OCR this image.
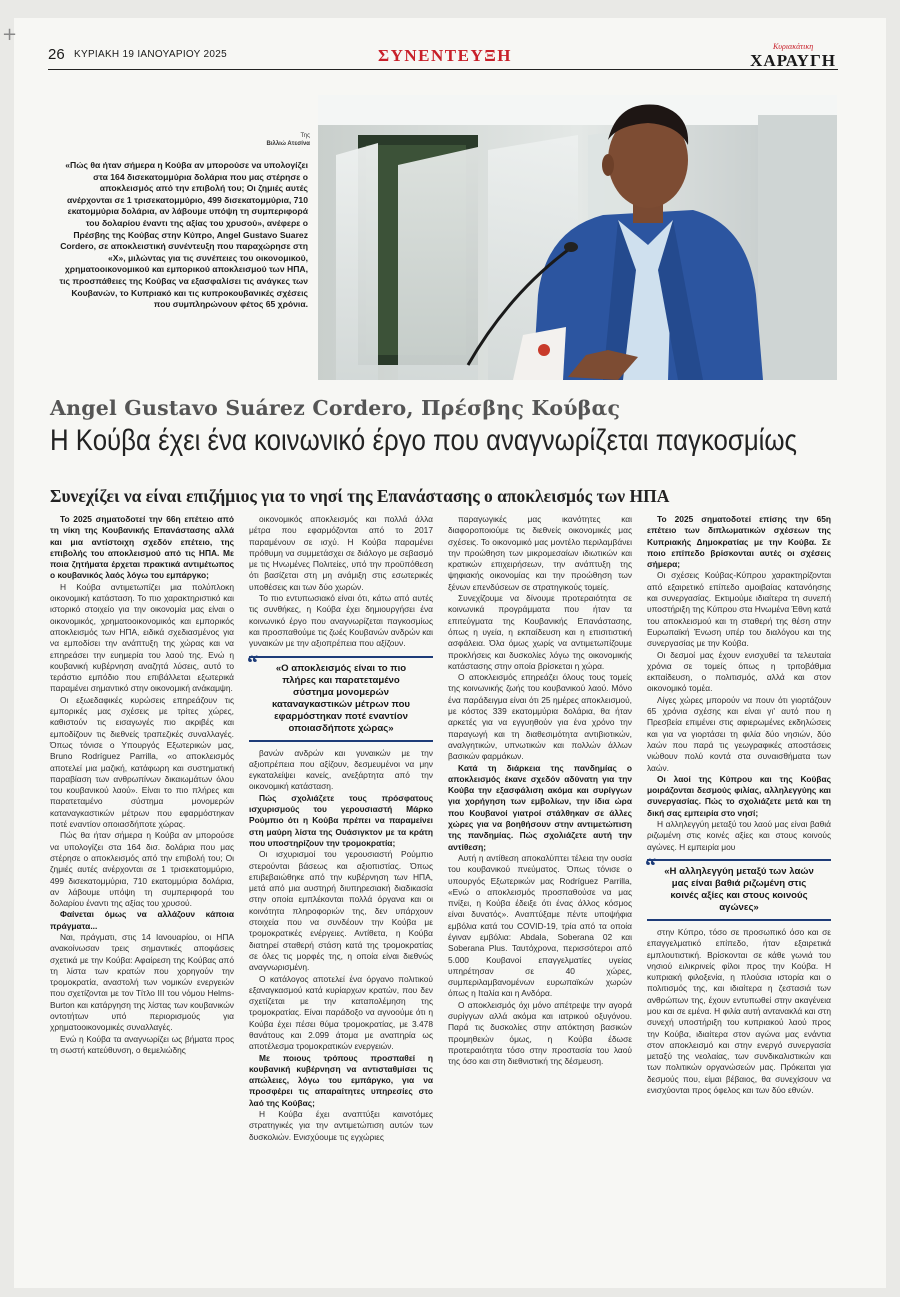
+
26 ΚΥΡΙΑΚΗ 19 ΙΑΝΟΥΑΡΙΟΥ 2025	ΣΥΝΕΝΤΕΥΞΗ	Κυριακάτικη
ΧΑΡΑΥΓΗ
Της
Βιλλιώ Ατεσίνα
«Πώς θα ήταν σήμερα η Κούβα αν μπορούσε να υπολογίζει στα 164 δισεκατομμύρια δολάρια που μας στέρησε ο αποκλεισμός από την επιβολή του; Οι ζημιές αυτές ανέρχονται σε 1 τρισεκατομμύριο, 499 δισεκατομμύρια, 710 εκατομμύρια δολάρια, αν λάβουμε υπόψη τη συμπεριφορά του δολαρίου έναντι της αξίας του χρυσού», ανέφερε ο Πρέσβης της Κούβας στην Κύπρο, Angel Gustavo Suarez Cordero, σε αποκλειστική συνέντευξη που παραχώρησε στη «Χ», μιλώντας για τις συνέπειες του οικονομικού, χρηματοοικονομικού και εμπορικού αποκλεισμού των ΗΠΑ, τις προσπάθειες της Κούβας να εξασφαλίσει τις ανάγκες των Κουβανών, το Κυπριακό και τις κυπροκουβανικές σχέσεις που συμπληρώνουν φέτος 65 χρόνια.
Angel Gustavo Suárez Cordero, Πρέσβης Κούβας
Η Κούβα έχει ένα κοινωνικό έργο που αναγνωρίζεται παγκοσμίως
Συνεχίζει να είναι επιζήμιος για το νησί της Επανάστασης ο αποκλεισμός των ΗΠΑ

Το 2025 σηματοδοτεί την 66η επέτειο από τη νίκη της Κουβανικής Επανάστασης αλλά και μια αντίστοιχη σχεδόν επέτειο, της επιβολής του αποκλεισμού από τις ΗΠΑ. Με ποια ζητήματα έρχεται πρακτικά αντιμέτωπος ο κουβανικός λαός λόγω του εμπάργκο;

Η Κούβα αντιμετωπίζει μια πολύπλοκη οικονομική κατάσταση. Το πιο χαρακτηριστικό και ιστορικό στοιχείο για την οικονομία μας είναι ο οικονομικός, χρηματοοικονομικός και εμπορικός αποκλεισμός των ΗΠΑ, ειδικά σχεδιασμένος για να εμποδίσει την ανάπτυξη της χώρας και να επηρεάσει την ευημερία του λαού της. Ενώ η κουβανική κυβέρνηση αναζητά λύσεις, αυτό το τεράστιο εμπόδιο που επιβάλλεται εξωτερικά παραμένει σημαντικό στην οικονομική ανάκαμψη.

Οι εξωεδαφικές κυρώσεις επηρεάζουν τις εμπορικές μας σχέσεις με τρίτες χώρες, καθιστούν τις εισαγωγές πιο ακριβές και εμποδίζουν τις διεθνείς τραπεζικές συναλλαγές. Όπως τόνισε ο Υπουργός Εξωτερικών μας, Bruno Rodríguez Parrilla, «ο αποκλεισμός αποτελεί μια μαζική, κατάφωρη και συστηματική παραβίαση των ανθρωπίνων δικαιωμάτων όλου του κουβανικού λαού». Είναι το πιο πλήρες και παρατεταμένο σύστημα μονομερών καταναγκαστικών μέτρων που εφαρμόστηκαν ποτέ εναντίον οποιασδήποτε χώρας.

Πώς θα ήταν σήμερα η Κούβα αν μπορούσε να υπολογίζει στα 164 δισ. δολάρια που μας στέρησε ο αποκλεισμός από την επιβολή του; Οι ζημιές αυτές ανέρχονται σε 1 τρισεκατομμύριο, 499 δισεκατομμύρια, 710 εκατομμύρια δολάρια, αν λάβουμε υπόψη τη συμπεριφορά του δολαρίου έναντι της αξίας του χρυσού.

Φαίνεται όμως να αλλάζουν κάποια πράγματα...

Ναι, πράγματι, στις 14 Ιανουαρίου, οι ΗΠΑ ανακοίνωσαν τρεις σημαντικές αποφάσεις σχετικά με την Κούβα: Αφαίρεση της Κούβας από τη λίστα των κρατών που χορηγούν την τρομοκρατία, αναστολή των νομικών ενεργειών που σχετίζονται με τον Τίτλο III του νόμου Helms-Burton και κατάργηση της λίστας των κουβανικών οντοτήτων υπό περιορισμούς για χρηματοοικονομικές συναλλαγές.

Ενώ η Κούβα τα αναγνωρίζει ως βήματα προς τη σωστή κατεύθυνση, ο θεμελιώδης

οικονομικός αποκλεισμός και πολλά άλλα μέτρα που εφαρμόζονται από το 2017 παραμένουν σε ισχύ. Η Κούβα παραμένει πρόθυμη να συμμετάσχει σε διάλογο με σεβασμό με τις Ηνωμένες Πολιτείες, υπό την προϋπόθεση ότι βασίζεται στη μη ανάμιξη στις εσωτερικές υποθέσεις και των δύο χωρών.

Το πιο εντυπωσιακό είναι ότι, κάτω από αυτές τις συνθήκες, η Κούβα έχει δημιουργήσει ένα κοινωνικό έργο που αναγνωρίζεται παγκοσμίως και προσπαθούμε τις ζωές Κουβανών ανδρών και γυναικών με την αξιοπρέπεια που αξίζουν.

“	«Ο αποκλεισμός είναι το πιο
πλήρες και παρατεταμένο
σύστημα μονομερών
καταναγκαστικών μέτρων που
εφαρμόστηκαν ποτέ εναντίον
οποιασδήποτε χώρας»

βανών ανδρών και γυναικών με την αξιοπρέπεια που αξίζουν, δεσμευμένοι να μην εγκαταλείψει κανείς, ανεξάρτητα από την οικονομική κατάσταση.

Πώς σχολιάζετε τους πρόσφατους ισχυρισμούς του γερουσιαστή Μάρκο Ρούμπιο ότι η Κούβα πρέπει να παραμείνει στη μαύρη λίστα της Ουάσιγκτον με τα κράτη που υποστηρίζουν την τρομοκρατία;

Οι ισχυρισμοί του γερουσιαστή Ρούμπιο στερούνται βάσεως και αξιοπιστίας. Όπως επιβεβαιώθηκε από την κυβέρνηση των ΗΠΑ, μετά από μια αυστηρή διυπηρεσιακή διαδικασία στην οποία εμπλέκονται πολλά όργανα και οι κοινότητα πληροφοριών της, δεν υπάρχουν στοιχεία που να συνδέουν την Κούβα με τρομοκρατικές ενέργειες. Αντίθετα, η Κούβα διατηρεί σταθερή στάση κατά της τρομοκρατίας σε όλες τις μορφές της, η οποία είναι διεθνώς αναγνωρισμένη.

Ο κατάλογος αποτελεί ένα όργανο πολιτικού εξαναγκασμού κατά κυρίαρχων κρατών, που δεν σχετίζεται με την καταπολέμηση της τρομοκρατίας. Είναι παράδοξο να αγνοούμε ότι η Κούβα έχει πέσει θύμα τρομοκρατίας, με 3.478 θανάτους και 2.099 άτομα με αναπηρία ως αποτέλεσμα τρομοκρατικών ενεργειών.

Με ποιους τρόπους προσπαθεί η κουβανική κυβέρνηση να αντισταθμίσει τις απώλειες, λόγω του εμπάργκο, για να προσφέρει τις απαραίτητες υπηρεσίες στο λαό της Κούβας;

Η Κούβα έχει αναπτύξει καινοτόμες στρατηγικές για την αντιμετώπιση αυτών των δυσκολιών. Ενισχύουμε τις εγχώριες

παραγωγικές μας ικανότητες και διαφοροποιούμε τις διεθνείς οικονομικές μας σχέσεις. Το οικονομικό μας μοντέλο περιλαμβάνει την προώθηση των μικρομεσαίων ιδιωτικών και κρατικών επιχειρήσεων, την ανάπτυξη της ψηφιακής οικονομίας και την προώθηση των ξένων επενδύσεων σε στρατηγικούς τομείς.

Συνεχίζουμε να δίνουμε προτεραιότητα σε κοινωνικά προγράμματα που ήταν τα επιτεύγματα της Κουβανικής Επανάστασης, όπως η υγεία, η εκπαίδευση και η επισιτιστική ασφάλεια. Όλα όμως χωρίς να αντιμετωπίζουμε προκλήσεις και δυσκολίες λόγω της οικονομικής κατάστασης στην οποία βρίσκεται η χώρα.

Ο αποκλεισμός επηρεάζει όλους τους τομείς της κοινωνικής ζωής του κουβανικού λαού. Μόνο ένα παράδειγμα είναι ότι 25 ημέρες αποκλεισμού, με κόστος 339 εκατομμύρια δολάρια, θα ήταν αρκετές για να εγγυηθούν για ένα χρόνο την παραγωγή και τη διαθεσιμότητα αντιβιοτικών, αναλγητικών, υπνωτικών και πολλών άλλων βασικών φαρμάκων.

Κατά τη διάρκεια της πανδημίας ο αποκλεισμός έκανε σχεδόν αδύνατη για την Κούβα την εξασφάλιση ακόμα και συρίγγων για χορήγηση των εμβολίων, την ίδια ώρα που Κουβανοί γιατροί στάλθηκαν σε άλλες χώρες για να βοηθήσουν στην αντιμετώπιση της πανδημίας. Πώς σχολιάζετε αυτή την αντίθεση;

Αυτή η αντίθεση αποκαλύπτει τέλεια την ουσία του κουβανικού πνεύματος. Όπως τόνισε ο υπουργός Εξωτερικών μας Rodríguez Parrilla, «Ενώ ο αποκλεισμός προσπαθούσε να μας πνίξει, η Κούβα έδειξε ότι ένας άλλος κόσμος είναι δυνατός». Αναπτύξαμε πέντε υποψήφια εμβόλια κατά του COVID-19, τρία από τα οποία έγιναν εμβόλια: Abdala, Soberana 02 και Soberana Plus. Ταυτόχρονα, περισσότεροι από 5.000 Κουβανοί επαγγελματίες υγείας υπηρέτησαν σε 40 χώρες, συμπεριλαμβανομένων ευρωπαϊκών χωρών όπως η Ιταλία και η Ανδόρα.

Ο αποκλεισμός όχι μόνο απέτρεψε την αγορά συρίγγων αλλά ακόμα και ιατρικού οξυγόνου. Παρά τις δυσκολίες στην απόκτηση βασικών προμηθειών όμως, η Κούβα έδωσε προτεραιότητα τόσο στην προστασία του λαού της όσο και στη διεθνιστική της δέσμευση.

Το 2025 σηματοδοτεί επίσης την 65η επέτειο των διπλωματικών σχέσεων της Κυπριακής Δημοκρατίας με την Κούβα. Σε ποιο επίπεδο βρίσκονται αυτές οι σχέσεις σήμερα;

Οι σχέσεις Κούβας-Κύπρου χαρακτηρίζονται από εξαιρετικό επίπεδο αμοιβαίας κατανόησης και συνεργασίας. Εκτιμούμε ιδιαίτερα τη συνεπή υποστήριξη της Κύπρου στα Ηνωμένα Έθνη κατά του αποκλεισμού και τη σταθερή της θέση στην Ευρωπαϊκή Ένωση υπέρ του διαλόγου και της συνεργασίας με την Κούβα.

Οι δεσμοί μας έχουν ενισχυθεί τα τελευταία χρόνια σε τομείς όπως η τριτοβάθμια εκπαίδευση, ο πολιτισμός, αλλά και στον οικονομικό τομέα.

Λίγες χώρες μπορούν να πουν ότι γιορτάζουν 65 χρόνια σχέσης και είναι γι' αυτό που η Πρεσβεία επιμένει στις αφιερωμένες εκδηλώσεις και για να γιορτάσει τη φιλία δύο νησιών, δύο λαών που παρά τις γεωγραφικές αποστάσεις νιώθουν πολύ κοντά στα συναισθήματα των λαών.

Οι λαοί της Κύπρου και της Κούβας μοιράζονται δεσμούς φιλίας, αλληλεγγύης και συνεργασίας. Πώς το σχολιάζετε μετά και τη δική σας εμπειρία στο νησί;

Η αλληλεγγύη μεταξύ του λαού μας είναι βαθιά ριζωμένη στις κοινές αξίες και στους κοινούς αγώνες. Η εμπειρία μου

“ «Η αλληλεγγύη μεταξύ των λαών
μας είναι βαθιά ριζωμένη στις
κοινές αξίες και στους κοινούς
αγώνες»

στην Κύπρο, τόσο σε προσωπικό όσο και σε επαγγελματικό επίπεδο, ήταν εξαιρετικά εμπλουτιστική. Βρίσκονται σε κάθε γωνιά του νησιού ειλικρινείς φίλοι προς την Κούβα. Η κυπριακή φιλοξενία, η πλούσια ιστορία και ο πολιτισμός της, και ιδιαίτερα η ζεστασιά των ανθρώπων της, έχουν εντυπωθεί στην ακαγένεια μου και σε εμένα. Η φιλία αυτή αντανακλά και στη συνεχή υποστήριξη του κυπριακού λαού προς την Κούβα, ιδιαίτερα στον αγώνα μας ενάντια στον αποκλεισμό και στην ενεργό συνεργασία μεταξύ της νεολαίας, των συνδικαλιστικών και των πολιτικών οργανώσεών μας. Πρόκειται για δεσμούς που, είμαι βέβαιος, θα συνεχίσουν να ενισχύονται προς όφελος και των δύο εθνών.
